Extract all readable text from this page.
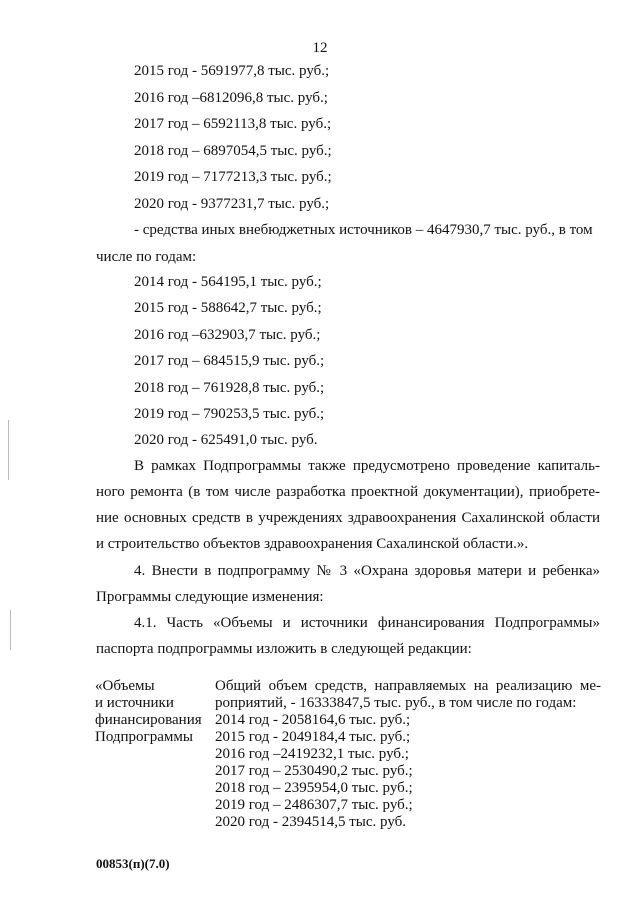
12
2015 год - 5691977,8 тыс. руб.;
2016 год –6812096,8 тыс. руб.;
2017 год – 6592113,8 тыс. руб.;
2018 год – 6897054,5 тыс. руб.;
2019 год – 7177213,3 тыс. руб.;
2020 год - 9377231,7 тыс. руб.;
- средства иных внебюджетных источников – 4647930,7 тыс. руб., в том
числе по годам:
2014 год - 564195,1 тыс. руб.;
2015 год - 588642,7 тыс. руб.;
2016 год –632903,7 тыс. руб.;
2017 год – 684515,9 тыс. руб.;
2018 год – 761928,8 тыс. руб.;
2019 год – 790253,5 тыс. руб.;
2020 год - 625491,0 тыс. руб.
В рамках Подпрограммы также предусмотрено проведение капиталь-
ного ремонта (в том числе разработка проектной документации), приобрете-
ние основных средств в учреждениях здравоохранения Сахалинской области
и строительство объектов здравоохранения Сахалинской области.».
4. Внести в подпрограмму № 3 «Охрана здоровья матери и ребенка»
Программы следующие изменения:
4.1. Часть «Объемы и источники финансирования Подпрограммы»
паспорта подпрограммы изложить в следующей редакции:
«Объемы
и источники
финансирования
Подпрограммы
Общий объем средств, направляемых на реализацию ме-
роприятий, - 16333847,5 тыс. руб., в том числе по годам:
2014 год - 2058164,6 тыс. руб.;
2015 год - 2049184,4 тыс. руб.;
2016 год –2419232,1 тыс. руб.;
2017 год – 2530490,2 тыс. руб.;
2018 год – 2395954,0 тыс. руб.;
2019 год – 2486307,7 тыс. руб.;
2020 год - 2394514,5 тыс. руб.
00853(п)(7.0)
